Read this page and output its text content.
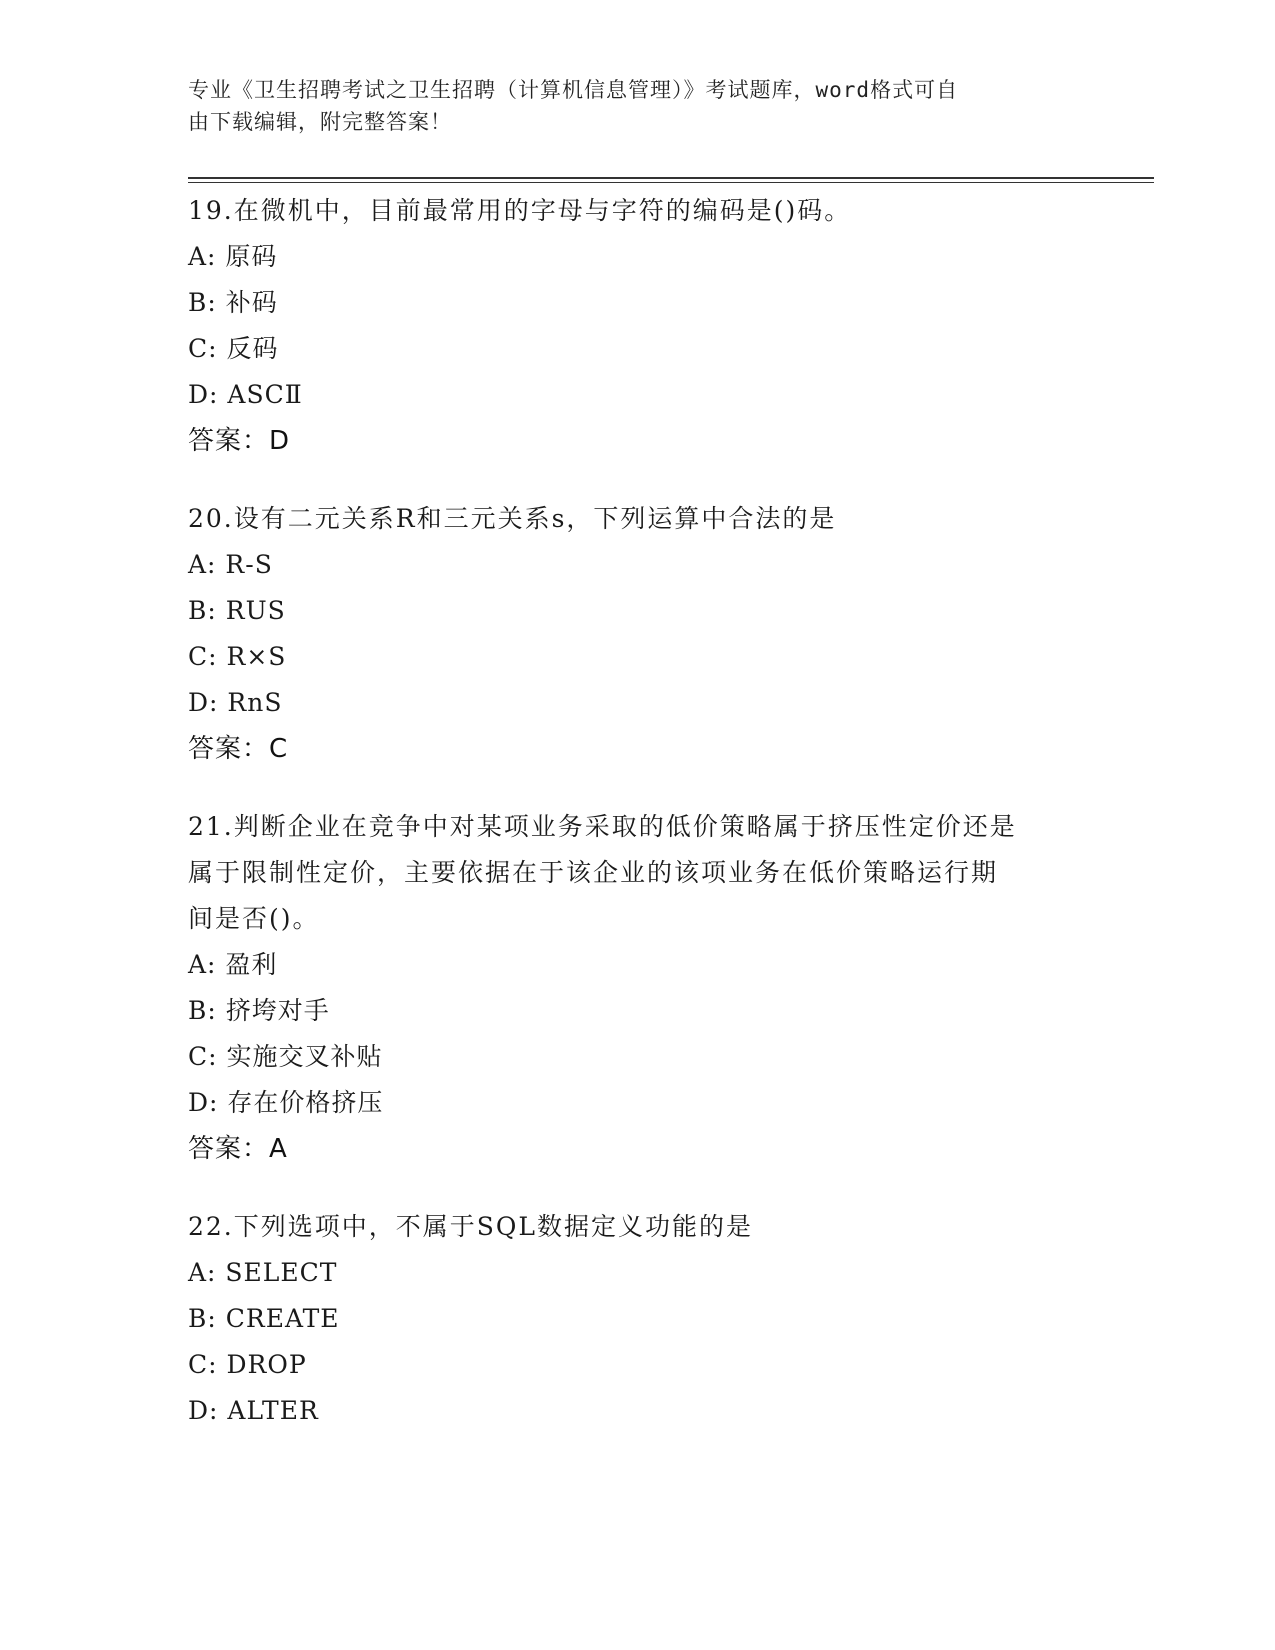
专业《卫生招聘考试之卫生招聘（计算机信息管理）》考试题库，word格式可自
由下载编辑，附完整答案！
19.在微机中，目前最常用的字母与字符的编码是()码。
A: 原码
B: 补码
C: 反码
D: ASCⅡ
答案：D
20.设有二元关系R和三元关系s，下列运算中合法的是
A: R-S
B: RUS
C: R×S
D: RnS
答案：C
21.判断企业在竞争中对某项业务采取的低价策略属于挤压性定价还是
属于限制性定价，主要依据在于该企业的该项业务在低价策略运行期
间是否()。
A: 盈利
B: 挤垮对手
C: 实施交叉补贴
D: 存在价格挤压
答案：A
22.下列选项中，不属于SQL数据定义功能的是
A: SELECT
B: CREATE
C: DROP
D: ALTER
